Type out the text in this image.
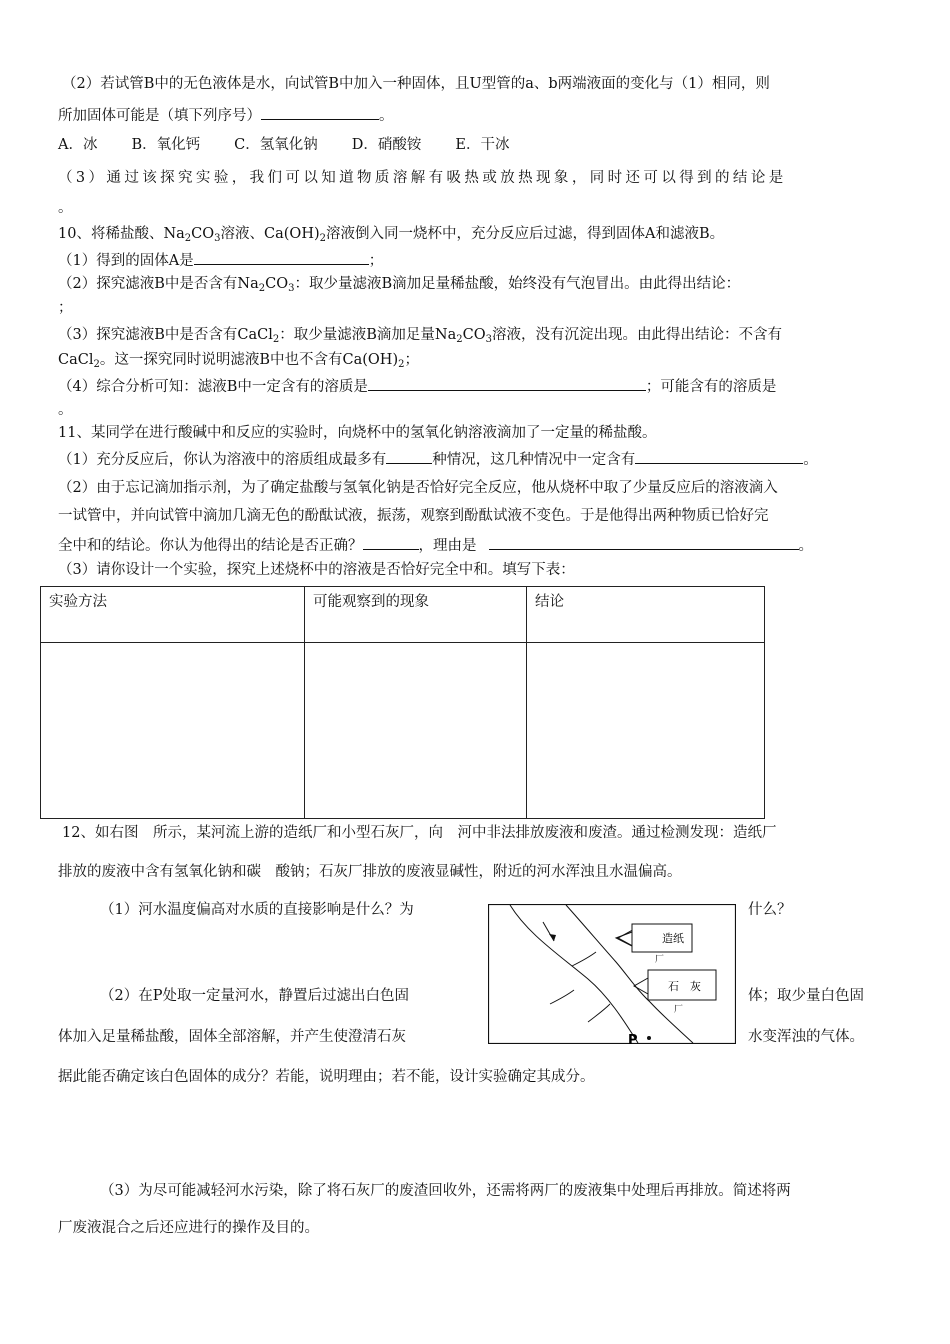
（2）若试管B中的无色液体是水，向试管B中加入一种固体，且U型管的a、b两端液面的变化与（1）相同，则
所加固体可能是（填下列序号）	。
A．冰 B．氧化钙 C．氢氧化钠 D．硝酸铵 E．干冰
（3）通过该探究实验，我们可以知道物质溶解有吸热或放热现象，同时还可以得到的结论是
。
10、将稀盐酸、$Na_2CO_3$溶液、$Ca(OH)_2$溶液倒入同一烧杯中，充分反应后过滤，得到固体A和滤液B。
（1）得到的固体A是	；
（2）探究滤液B中是否含有$Na_2CO_3$：取少量滤液B滴加足量稀盐酸，始终没有气泡冒出。由此得出结论：
；
（3）探究滤液B中是否含有CaCl$_2$：取少量滤液B滴加足量$Na_2CO_3$溶液，没有沉淀出现。由此得出结论：不含有
CaCl$_2$。这一探究同时说明滤液B中也不含有$Ca(OH)_2$；
（4）综合分析可知：滤液B中一定含有的溶质是	；可能含有的溶质是
。
11、某同学在进行酸碱中和反应的实验时，向烧杯中的氢氧化钠溶液滴加了一定量的稀盐酸。
（1）充分反应后，你认为溶液中的溶质组成最多有	种情况，这几种情况中一定含有	。
（2）由于忘记滴加指示剂，为了确定盐酸与氢氧化钠是否恰好完全反应，他从烧杯中取了少量反应后的溶液滴入
一试管中，并向试管中滴加几滴无色的酚酞试液，振荡，观察到酚酞试液不变色。于是他得出两种物质已恰好完
全中和的结论。你认为他得出的结论是否正确？	，理由是	。
（3）请你设计一个实验，探究上述烧杯中的溶液是否恰好完全中和。填写下表：
实验方法	可能观察到的现象	结论

12、如右图　所示，某河流上游的造纸厂和小型石灰厂，向　河中非法排放废液和废渣。通过检测发现：造纸厂
排放的废液中含有氢氧化钠和碳　酸钠；石灰厂排放的废液显碱性，附近的河水浑浊且水温偏高。
（1）河水温度偏高对水质的直接影响是什么？为	什么？
（2）在P处取一定量河水，静置后过滤出白色固	体；取少量白色固
体加入足量稀盐酸，固体全部溶解，并产生使澄清石灰	水变浑浊的气体。
据此能否确定该白色固体的成分？若能，说明理由；若不能，设计实验确定其成分。
（3）为尽可能减轻河水污染，除了将石灰厂的废渣回收外，还需将两厂的废液集中处理后再排放。简述将两
厂废液混合之后还应进行的操作及目的。
造纸
厂
石　灰
厂
P
